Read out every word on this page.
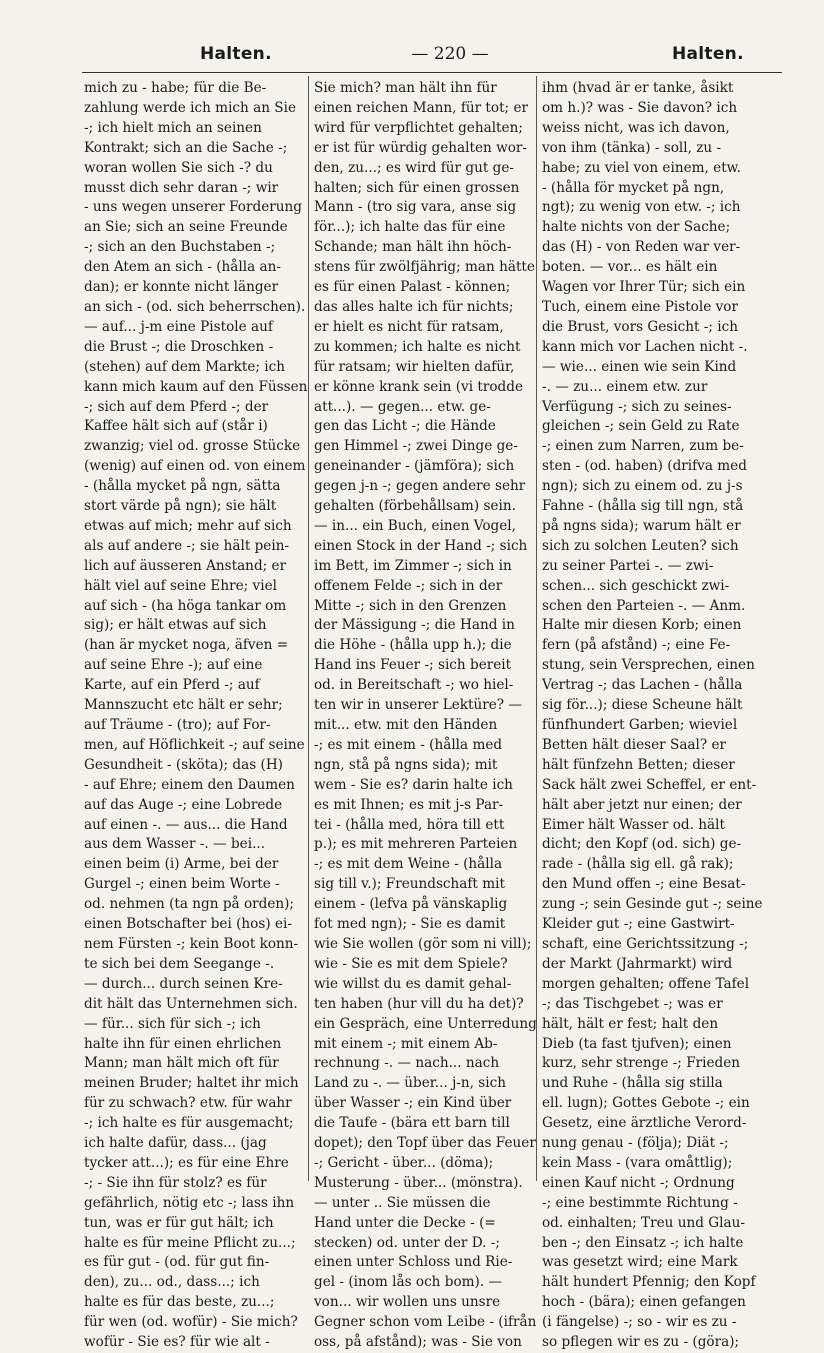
Halten.	— 220 —	Halten.
mich zu - habe; für die Be-
zahlung werde ich mich an Sie
-; ich hielt mich an seinen
Kontrakt; sich an die Sache -;
woran wollen Sie sich -? du
musst dich sehr daran -; wir
- uns wegen unserer Forderung
an Sie; sich an seine Freunde
-; sich an den Buchstaben -;
den Atem an sich - (hålla an-
dan); er konnte nicht länger
an sich - (od. sich beherrschen).
— auf... j-m eine Pistole auf
die Brust -; die Droschken -
(stehen) auf dem Markte; ich
kann mich kaum auf den Füssen
-; sich auf dem Pferd -; der
Kaffee hält sich auf (står i)
zwanzig; viel od. grosse Stücke
(wenig) auf einen od. von einem
- (hålla mycket på ngn, sätta
stort värde på ngn); sie hält
etwas auf mich; mehr auf sich
als auf andere -; sie hält pein-
lich auf äusseren Anstand; er
hält viel auf seine Ehre; viel
auf sich - (ha höga tankar om
sig); er hält etwas auf sich
(han är mycket noga, äfven =
auf seine Ehre -); auf eine
Karte, auf ein Pferd -; auf
Mannszucht etc hält er sehr;
auf Träume - (tro); auf For-
men, auf Höflichkeit -; auf seine
Gesundheit - (sköta); das (H)
- auf Ehre; einem den Daumen
auf das Auge -; eine Lobrede
auf einen -. — aus... die Hand
aus dem Wasser -. — bei...
einen beim (i) Arme, bei der
Gurgel -; einen beim Worte -
od. nehmen (ta ngn på orden);
einen Botschafter bei (hos) ei-
nem Fürsten -; kein Boot konn-
te sich bei dem Seegange -.
— durch... durch seinen Kre-
dit hält das Unternehmen sich.
— für... sich für sich -; ich
halte ihn für einen ehrlichen
Mann; man hält mich oft für
meinen Bruder; haltet ihr mich
für zu schwach? etw. für wahr
-; ich halte es für ausgemacht;
ich halte dafür, dass... (jag
tycker att...); es für eine Ehre
-; - Sie ihn für stolz? es für
gefährlich, nötig etc -; lass ihn
tun, was er für gut hält; ich
halte es für meine Pflicht zu...;
es für gut - (od. für gut fin-
den), zu... od., dass...; ich
halte es für das beste, zu...;
für wen (od. wofür) - Sie mich?
wofür - Sie es? für wie alt -
Sie mich? man hält ihn für
einen reichen Mann, für tot; er
wird für verpflichtet gehalten;
er ist für würdig gehalten wor-
den, zu...; es wird für gut ge-
halten; sich für einen grossen
Mann - (tro sig vara, anse sig
för...); ich halte das für eine
Schande; man hält ihn höch-
stens für zwölfjährig; man hätte
es für einen Palast - können;
das alles halte ich für nichts;
er hielt es nicht für ratsam,
zu kommen; ich halte es nicht
für ratsam; wir hielten dafür,
er könne krank sein (vi trodde
att...). — gegen... etw. ge-
gen das Licht -; die Hände
gen Himmel -; zwei Dinge ge-
geneinander - (jämföra); sich
gegen j-n -; gegen andere sehr
gehalten (förbehållsam) sein.
— in... ein Buch, einen Vogel,
einen Stock in der Hand -; sich
im Bett, im Zimmer -; sich in
offenem Felde -; sich in der
Mitte -; sich in den Grenzen
der Mässigung -; die Hand in
die Höhe - (hålla upp h.); die
Hand ins Feuer -; sich bereit
od. in Bereitschaft -; wo hiel-
ten wir in unserer Lektüre? —
mit... etw. mit den Händen
-; es mit einem - (hålla med
ngn, stå på ngns sida); mit
wem - Sie es? darin halte ich
es mit Ihnen; es mit j-s Par-
tei - (hålla med, höra till ett
p.); es mit mehreren Parteien
-; es mit dem Weine - (hålla
sig till v.); Freundschaft mit
einem - (lefva på vänskaplig
fot med ngn); - Sie es damit
wie Sie wollen (gör som ni vill);
wie - Sie es mit dem Spiele?
wie willst du es damit gehal-
ten haben (hur vill du ha det)?
ein Gespräch, eine Unterredung
mit einem -; mit einem Ab-
rechnung -. — nach... nach
Land zu -. — über... j-n, sich
über Wasser -; ein Kind über
die Taufe - (bära ett barn till
dopet); den Topf über das Feuer
-; Gericht - über... (döma);
Musterung - über... (mönstra).
— unter .. Sie müssen die
Hand unter die Decke - (=
stecken) od. unter der D. -;
einen unter Schloss und Rie-
gel - (inom lås och bom). —
von... wir wollen uns unsre
Gegner schon vom Leibe - (ifrån
oss, på afstånd); was - Sie von
ihm (hvad är er tanke, åsikt
om h.)? was - Sie davon? ich
weiss nicht, was ich davon,
von ihm (tänka) - soll, zu -
habe; zu viel von einem, etw.
- (hålla för mycket på ngn,
ngt); zu wenig von etw. -; ich
halte nichts von der Sache;
das (H) - von Reden war ver-
boten. — vor... es hält ein
Wagen vor Ihrer Tür; sich ein
Tuch, einem eine Pistole vor
die Brust, vors Gesicht -; ich
kann mich vor Lachen nicht -.
— wie... einen wie sein Kind
-. — zu... einem etw. zur
Verfügung -; sich zu seines-
gleichen -; sein Geld zu Rate
-; einen zum Narren, zum be-
sten - (od. haben) (drifva med
ngn); sich zu einem od. zu j-s
Fahne - (hålla sig till ngn, stå
på ngns sida); warum hält er
sich zu solchen Leuten? sich
zu seiner Partei -. — zwi-
schen... sich geschickt zwi-
schen den Parteien -. — Anm.
Halte mir diesen Korb; einen
fern (på afstånd) -; eine Fe-
stung, sein Versprechen, einen
Vertrag -; das Lachen - (hålla
sig för...); diese Scheune hält
fünfhundert Garben; wieviel
Betten hält dieser Saal? er
hält fünfzehn Betten; dieser
Sack hält zwei Scheffel, er ent-
hält aber jetzt nur einen; der
Eimer hält Wasser od. hält
dicht; den Kopf (od. sich) ge-
rade - (hålla sig ell. gå rak);
den Mund offen -; eine Besat-
zung -; sein Gesinde gut -; seine
Kleider gut -; eine Gastwirt-
schaft, eine Gerichtssitzung -;
der Markt (Jahrmarkt) wird
morgen gehalten; offene Tafel
-; das Tischgebet -; was er
hält, hält er fest; halt den
Dieb (ta fast tjufven); einen
kurz, sehr strenge -; Frieden
und Ruhe - (hålla sig stilla
ell. lugn); Gottes Gebote -; ein
Gesetz, eine ärztliche Verord-
nung genau - (följa); Diät -;
kein Mass - (vara omåttlig);
einen Kauf nicht -; Ordnung
-; eine bestimmte Richtung -
od. einhalten; Treu und Glau-
ben -; den Einsatz -; ich halte
was gesetzt wird; eine Mark
hält hundert Pfennig; den Kopf
hoch - (bära); einen gefangen
(i fängelse) -; so - wir es zu -
so pflegen wir es zu - (göra);
